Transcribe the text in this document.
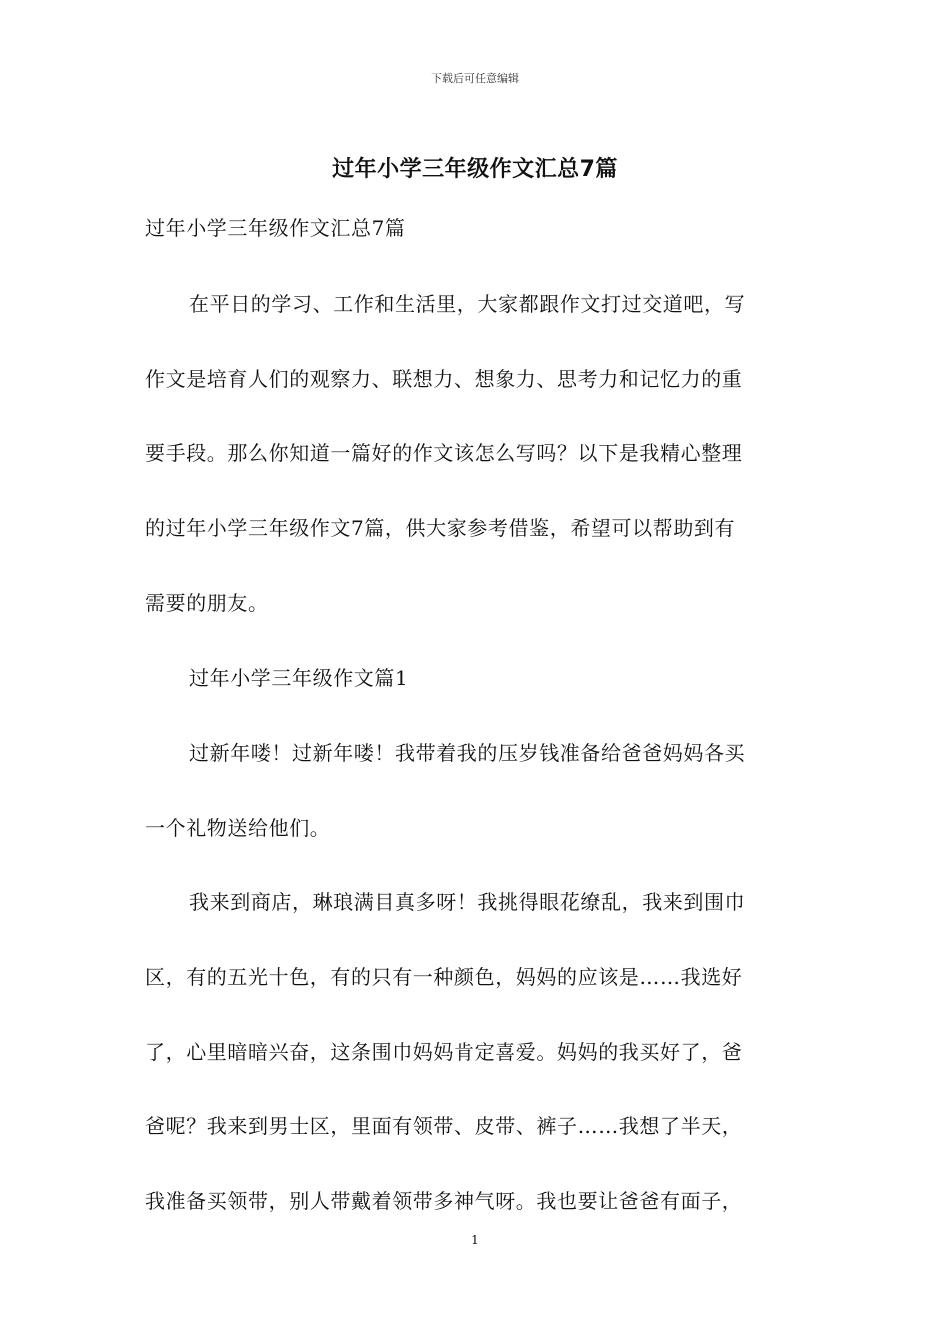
下载后可任意编辑
过年小学三年级作文汇总7篇
过年小学三年级作文汇总7篇
在平日的学习、工作和生活里，大家都跟作文打过交道吧，写
作文是培育人们的观察力、联想力、想象力、思考力和记忆力的重
要手段。那么你知道一篇好的作文该怎么写吗？以下是我精心整理
的过年小学三年级作文7篇，供大家参考借鉴，希望可以帮助到有
需要的朋友。
过年小学三年级作文篇1
过新年喽！过新年喽！我带着我的压岁钱准备给爸爸妈妈各买
一个礼物送给他们。
我来到商店，琳琅满目真多呀！我挑得眼花缭乱，我来到围巾
区，有的五光十色，有的只有一种颜色，妈妈的应该是……我选好
了，心里暗暗兴奋，这条围巾妈妈肯定喜爱。妈妈的我买好了，爸
爸呢？我来到男士区，里面有领带、皮带、裤子……我想了半天，
我准备买领带，别人带戴着领带多神气呀。我也要让爸爸有面子，
1
